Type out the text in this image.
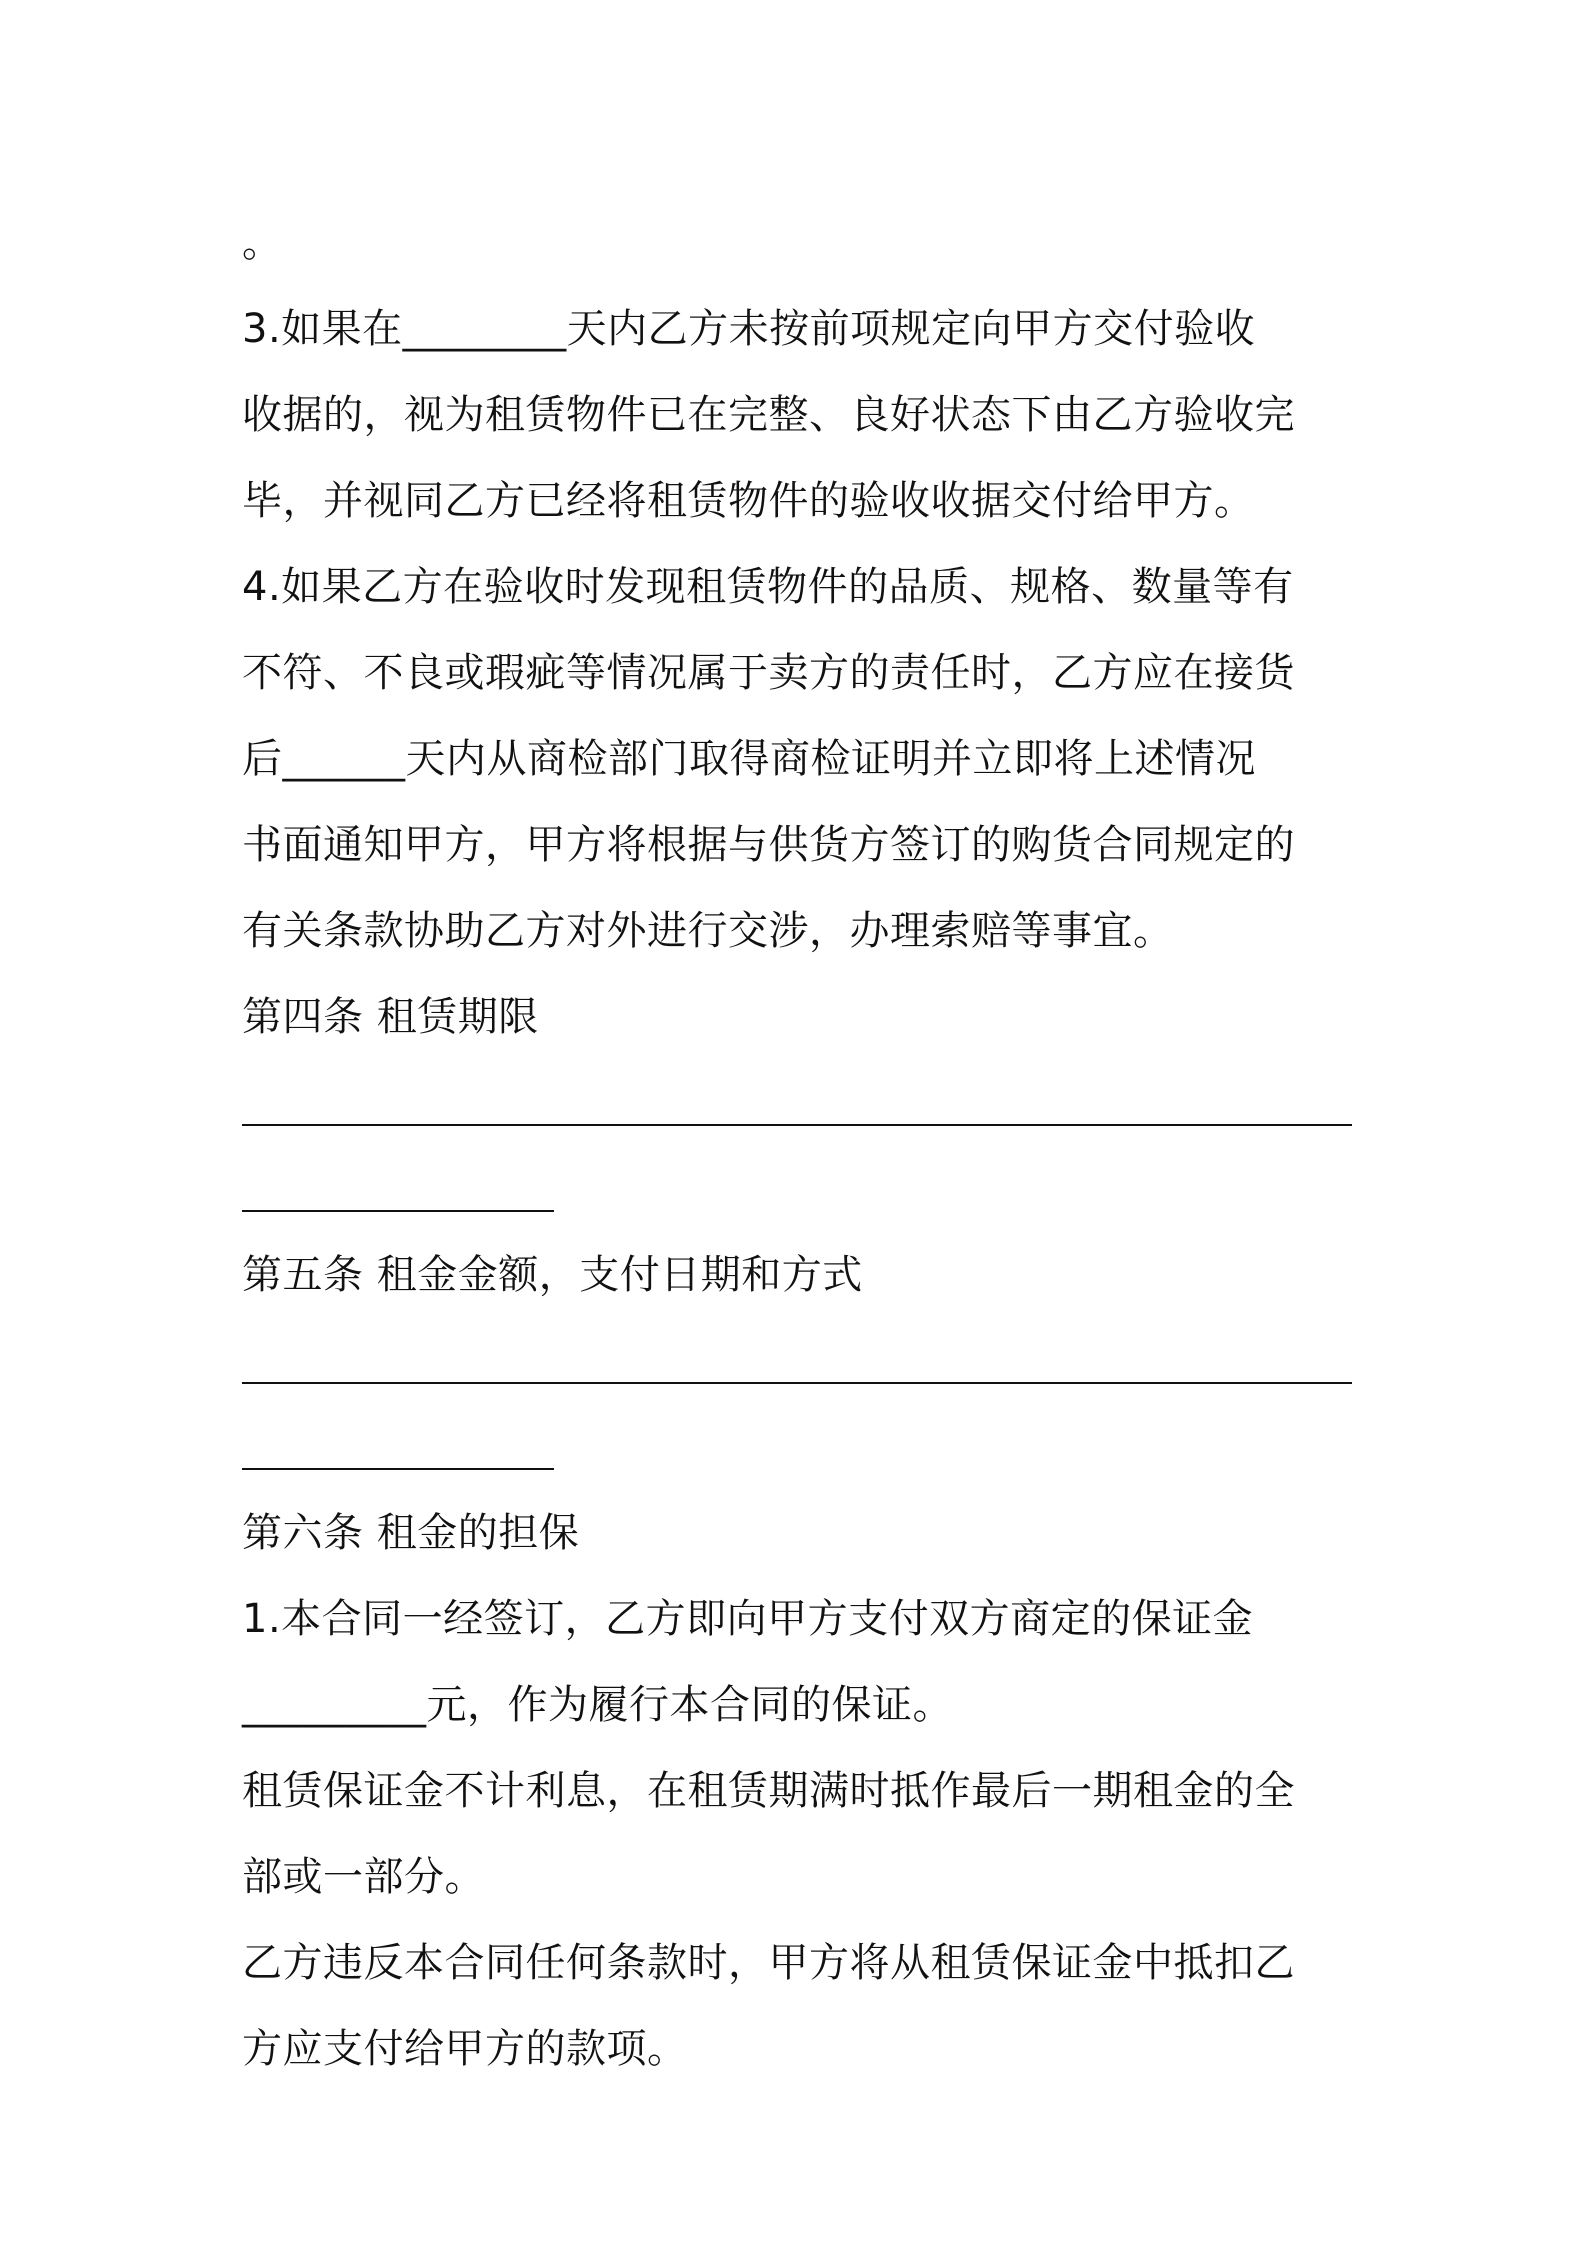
。
3.如果在________天内乙方未按前项规定向甲方交付验收
收据的，视为租赁物件已在完整、良好状态下由乙方验收完
毕，并视同乙方已经将租赁物件的验收收据交付给甲方。
4.如果乙方在验收时发现租赁物件的品质、规格、数量等有
不符、不良或瑕疵等情况属于卖方的责任时，乙方应在接货
后______天内从商检部门取得商检证明并立即将上述情况
书面通知甲方，甲方将根据与供货方签订的购货合同规定的
有关条款协助乙方对外进行交涉，办理索赔等事宜。
第四条 租赁期限
第五条 租金金额，支付日期和方式
第六条 租金的担保
1.本合同一经签订，乙方即向甲方支付双方商定的保证金
_________元，作为履行本合同的保证。
租赁保证金不计利息，在租赁期满时抵作最后一期租金的全
部或一部分。
乙方违反本合同任何条款时，甲方将从租赁保证金中抵扣乙
方应支付给甲方的款项。
